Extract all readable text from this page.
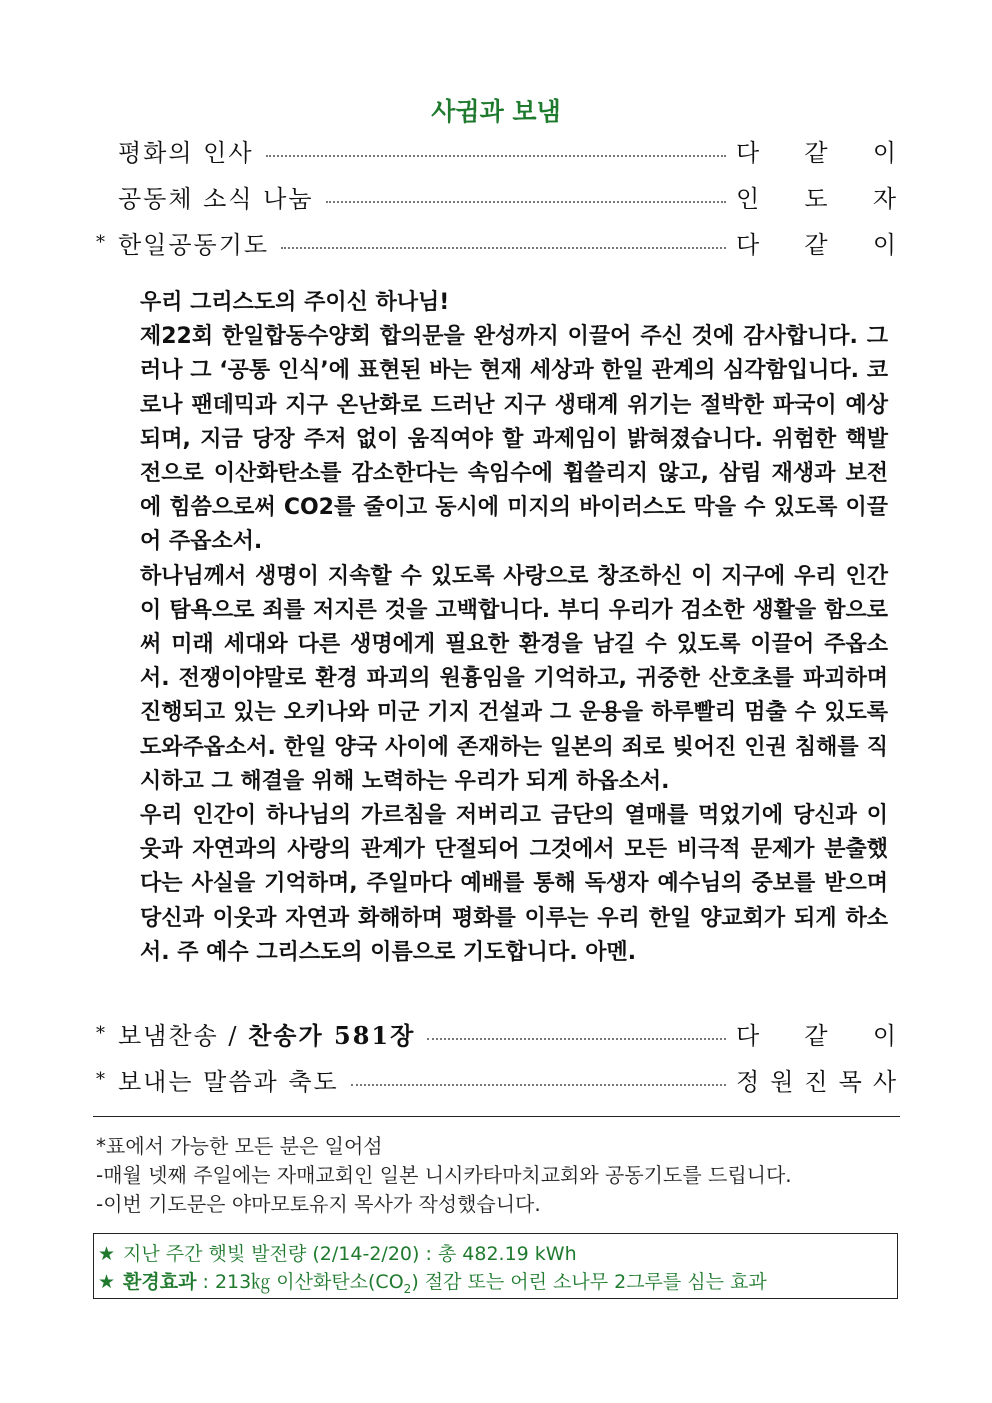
사귐과 보냄
평화의 인사	다 같 이
공동체 소식 나눔	인 도 자
* 한일공동기도	다 같 이

우리 그리스도의 주이신 하나님!

제22회 한일합동수양회 합의문을 완성까지 이끌어 주신 것에 감사합니다. 그러나 그 ‘공통 인식’에 표현된 바는 현재 세상과 한일 관계의 심각함입니다. 코로나 팬데믹과 지구 온난화로 드러난 지구 생태계 위기는 절박한 파국이 예상되며, 지금 당장 주저 없이 움직여야 할 과제임이 밝혀졌습니다. 위험한 핵발전으로 이산화탄소를 감소한다는 속임수에 휩쓸리지 않고, 삼림 재생과 보전에 힘씀으로써 CO2를 줄이고 동시에 미지의 바이러스도 막을 수 있도록 이끌어 주옵소서.

하나님께서 생명이 지속할 수 있도록 사랑으로 창조하신 이 지구에 우리 인간이 탐욕으로 죄를 저지른 것을 고백합니다. 부디 우리가 검소한 생활을 함으로써 미래 세대와 다른 생명에게 필요한 환경을 남길 수 있도록 이끌어 주옵소서. 전쟁이야말로 환경 파괴의 원흉임을 기억하고, 귀중한 산호초를 파괴하며 진행되고 있는 오키나와 미군 기지 건설과 그 운용을 하루빨리 멈출 수 있도록 도와주옵소서. 한일 양국 사이에 존재하는 일본의 죄로 빚어진 인권 침해를 직시하고 그 해결을 위해 노력하는 우리가 되게 하옵소서.

우리 인간이 하나님의 가르침을 저버리고 금단의 열매를 먹었기에 당신과 이웃과 자연과의 사랑의 관계가 단절되어 그것에서 모든 비극적 문제가 분출했다는 사실을 기억하며, 주일마다 예배를 통해 독생자 예수님의 중보를 받으며 당신과 이웃과 자연과 화해하며 평화를 이루는 우리 한일 양교회가 되게 하소서. 주 예수 그리스도의 이름으로 기도합니다. 아멘.

* 보냄찬송 / 찬송가 581장	다 같 이
* 보내는 말씀과 축도	정 원 진 목 사
*표에서 가능한 모든 분은 일어섬
-매월 넷째 주일에는 자매교회인 일본 니시카타마치교회와 공동기도를 드립니다.
-이번 기도문은 야마모토유지 목사가 작성했습니다.
★ 지난 주간 햇빛 발전량 (2/14-2/20) : 총 482.19 kWh
★ 환경효과 : 213㎏ 이산화탄소$(CO_2)$ 절감 또는 어린 소나무 2그루를 심는 효과
